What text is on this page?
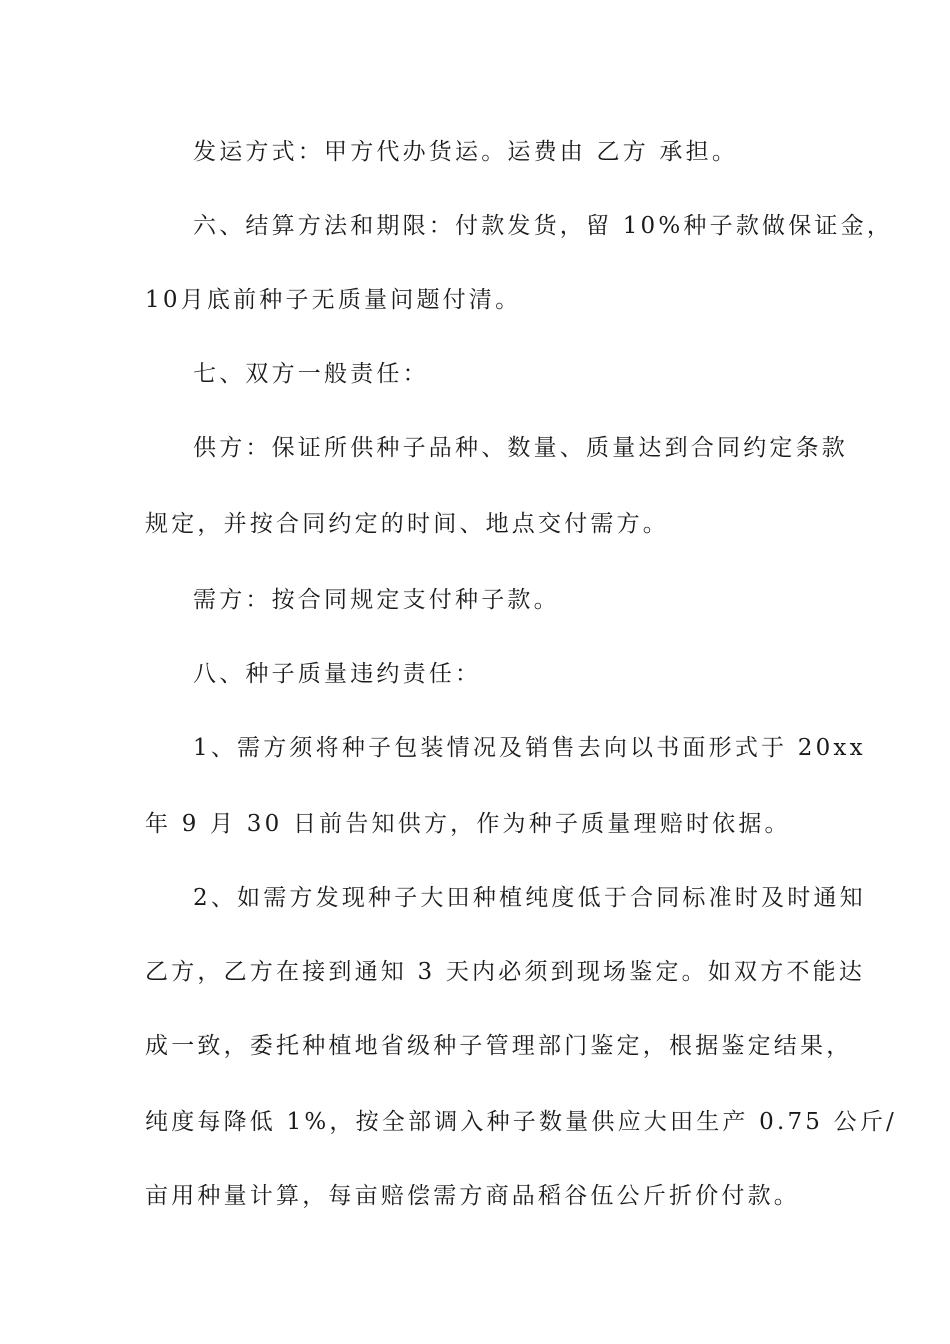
发运方式：甲方代办货运。运费由 乙方 承担。
六、结算方法和期限：付款发货，留 10%种子款做保证金，
10月底前种子无质量问题付清。
七、双方一般责任：
供方：保证所供种子品种、数量、质量达到合同约定条款
规定，并按合同约定的时间、地点交付需方。
需方：按合同规定支付种子款。
八、种子质量违约责任：
1、需方须将种子包装情况及销售去向以书面形式于 20xx
年 9 月 30 日前告知供方，作为种子质量理赔时依据。
2、如需方发现种子大田种植纯度低于合同标准时及时通知
乙方，乙方在接到通知 3 天内必须到现场鉴定。如双方不能达
成一致，委托种植地省级种子管理部门鉴定，根据鉴定结果，
纯度每降低 1%，按全部调入种子数量供应大田生产 0.75 公斤/
亩用种量计算，每亩赔偿需方商品稻谷伍公斤折价付款。
